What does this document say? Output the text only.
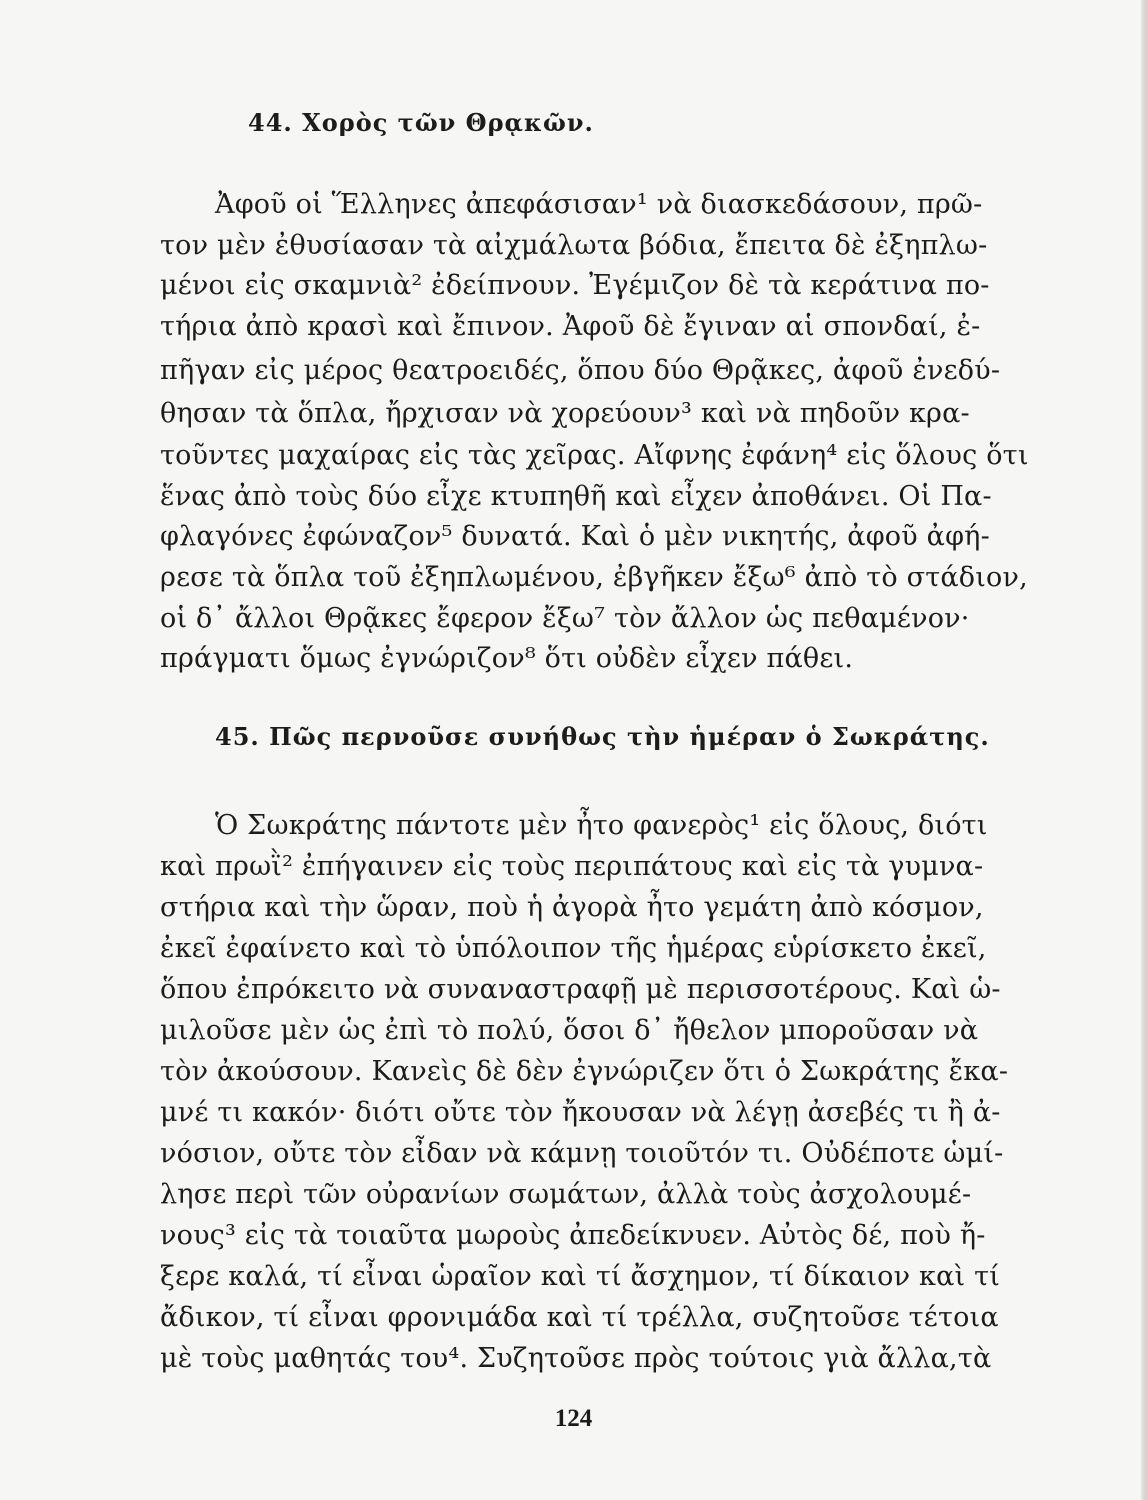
44. Χορὸς τῶν Θρᾳκῶν.
Ἀφοῦ οἱ Ἕλληνες ἀπεφάσισαν¹ νὰ διασκεδάσουν, πρῶ-
τον μὲν ἐθυσίασαν τὰ αἰχμάλωτα βόδια, ἔπειτα δὲ ἐξηπλω-
μένοι εἰς σκαμνιὰ² ἐδείπνουν. Ἐγέμιζον δὲ τὰ κεράτινα πο-
τήρια ἀπὸ κρασὶ καὶ ἔπινον. Ἀφοῦ δὲ ἔγιναν αἱ σπονδαί, ἐ-
πῆγαν εἰς μέρος θεατροειδές, ὅπου δύο Θρᾷκες, ἀφοῦ ἐνεδύ-
θησαν τὰ ὅπλα, ἤρχισαν νὰ χορεύουν³ καὶ νὰ πηδοῦν κρα-
τοῦντες μαχαίρας εἰς τὰς χεῖρας. Αἴφνης ἐφάνη⁴ εἰς ὅλους ὅτι
ἕνας ἀπὸ τοὺς δύο εἶχε κτυπηθῆ καὶ εἶχεν ἀποθάνει. Οἱ Πα-
φλαγόνες ἐφώναζον⁵ δυνατά. Καὶ ὁ μὲν νικητής, ἀφοῦ ἀφή-
ρεσε τὰ ὅπλα τοῦ ἐξηπλωμένου, ἐβγῆκεν ἔξω⁶ ἀπὸ τὸ στάδιον,
οἱ δ᾿ ἄλλοι Θρᾷκες ἔφερον ἔξω⁷ τὸν ἄλλον ὡς πεθαμένον·
πράγματι ὅμως ἐγνώριζον⁸ ὅτι οὐδὲν εἶχεν πάθει.
45. Πῶς περνοῦσε συνήθως τὴν ἡμέραν ὁ Σωκράτης.
Ὁ Σωκράτης πάντοτε μὲν ἦτο φανερὸς¹ εἰς ὅλους, διότι
καὶ πρωῒ² ἐπήγαινεν εἰς τοὺς περιπάτους καὶ εἰς τὰ γυμνα-
στήρια καὶ τὴν ὥραν, ποὺ ἡ ἀγορὰ ἦτο γεμάτη ἀπὸ κόσμον,
ἐκεῖ ἐφαίνετο καὶ τὸ ὑπόλοιπον τῆς ἡμέρας εὑρίσκετο ἐκεῖ,
ὅπου ἐπρόκειτο νὰ συναναστραφῇ μὲ περισσοτέρους. Καὶ ὡ-
μιλοῦσε μὲν ὡς ἐπὶ τὸ πολύ, ὅσοι δ᾿ ἤθελον μποροῦσαν νὰ
τὸν ἀκούσουν. Κανεὶς δὲ δὲν ἐγνώριζεν ὅτι ὁ Σωκράτης ἔκα-
μνέ τι κακόν· διότι οὔτε τὸν ἤκουσαν νὰ λέγῃ ἀσεβές τι ἢ ἀ-
νόσιον, οὔτε τὸν εἶδαν νὰ κάμνῃ τοιοῦτόν τι. Οὐδέποτε ὡμί-
λησε περὶ τῶν οὐρανίων σωμάτων, ἀλλὰ τοὺς ἀσχολουμέ-
νους³ εἰς τὰ τοιαῦτα μωροὺς ἀπεδείκνυεν. Αὐτὸς δέ, ποὺ ἤ-
ξερε καλά, τί εἶναι ὡραῖον καὶ τί ἄσχημον, τί δίκαιον καὶ τί
ἄδικον, τί εἶναι φρονιμάδα καὶ τί τρέλλα, συζητοῦσε τέτοια
μὲ τοὺς μαθητάς του⁴. Συζητοῦσε πρὸς τούτοις γιὰ ἄλλα,τὰ
124
